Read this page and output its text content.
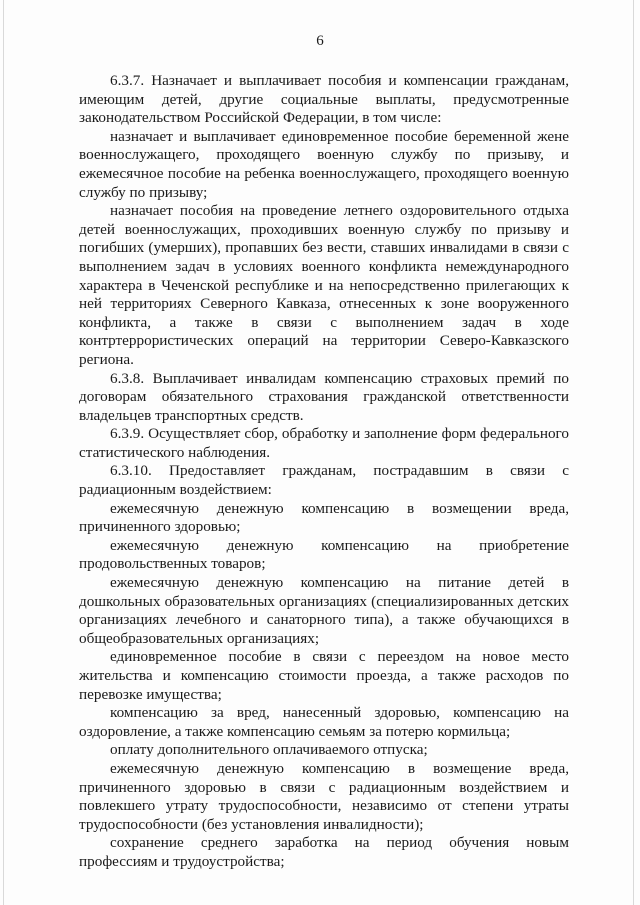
6

6.3.7. Назначает и выплачивает пособия и компенсации гражданам, имеющим детей, другие социальные выплаты, предусмотренные законодательством Российской Федерации, в том числе:

назначает и выплачивает единовременное пособие беременной жене военнослужащего, проходящего военную службу по призыву, и ежемесячное пособие на ребенка военнослужащего, проходящего военную службу по призыву;

назначает пособия на проведение летнего оздоровительного отдыха детей военнослужащих, проходивших военную службу по призыву и погибших (умерших), пропавших без вести, ставших инвалидами в связи с выполнением задач в условиях военного конфликта немеждународного характера в Чеченской республике и на непосредственно прилегающих к ней территориях Северного Кавказа, отнесенных к зоне вооруженного конфликта, а также в связи с выполнением задач в ходе контртеррористических операций на территории Северо-Кавказского региона.

6.3.8. Выплачивает инвалидам компенсацию страховых премий по договорам обязательного страхования гражданской ответственности владельцев транспортных средств.

6.3.9. Осуществляет сбор, обработку и заполнение форм федерального статистического наблюдения.

6.3.10. Предоставляет гражданам, пострадавшим в связи с радиационным воздействием:

ежемесячную денежную компенсацию в возмещении вреда, причиненного здоровью;

ежемесячную денежную компенсацию на приобретение продовольственных товаров;

ежемесячную денежную компенсацию на питание детей в дошкольных образовательных организациях (специализированных детских организациях лечебного и санаторного типа), а также обучающихся в общеобразовательных организациях;

единовременное пособие в связи с переездом на новое место жительства и компенсацию стоимости проезда, а также расходов по перевозке имущества;

компенсацию за вред, нанесенный здоровью, компенсацию на оздоровление, а также компенсацию семьям за потерю кормильца;

оплату дополнительного оплачиваемого отпуска;

ежемесячную денежную компенсацию в возмещение вреда, причиненного здоровью в связи с радиационным воздействием и повлекшего утрату трудоспособности, независимо от степени утраты трудоспособности (без установления инвалидности);

сохранение среднего заработка на период обучения новым профессиям и трудоустройства;
